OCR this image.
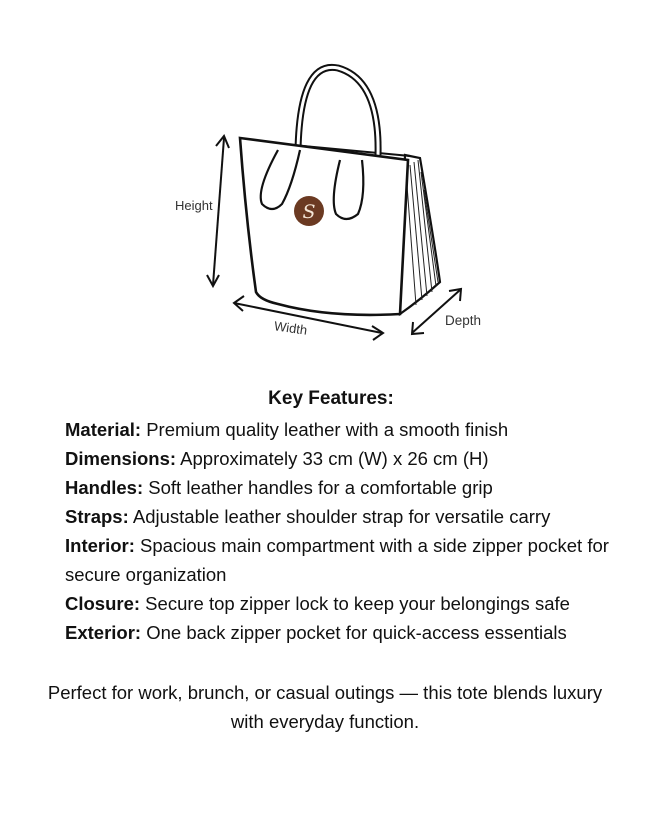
S
Height
Width	Depth
Key Features:
Material: Premium quality leather with a smooth finish
Dimensions: Approximately 33 cm (W) x 26 cm (H)
Handles: Soft leather handles for a comfortable grip
Straps: Adjustable leather shoulder strap for versatile carry
Interior: Spacious main compartment with a side zipper pocket for secure organization
Closure: Secure top zipper lock to keep your belongings safe
Exterior: One back zipper pocket for quick-access essentials
Perfect for work, brunch, or casual outings — this tote blends luxury with everyday function.
